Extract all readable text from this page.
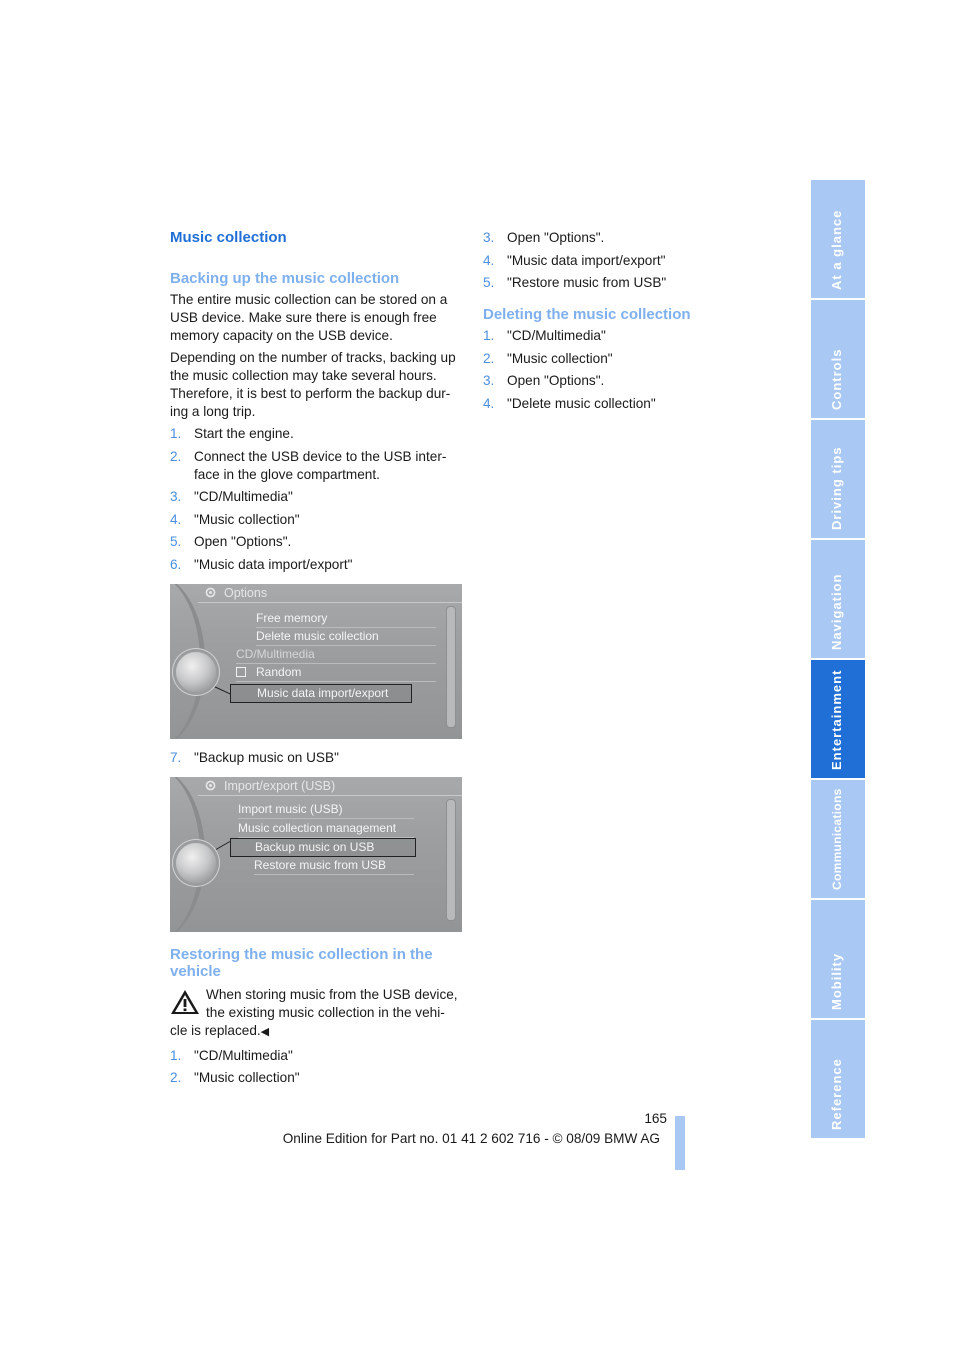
Music collection
Backing up the music collection

The entire music collection can be stored on a USB device. Make sure there is enough free memory capacity on the USB device.

Depending on the number of tracks, backing up the music collection may take several hours. Therefore, it is best to perform the backup dur-ing a long trip.

1. Start the engine.
2. Connect the USB device to the USB inter-face in the glove compartment.
3. "CD/Multimedia"
4. "Music collection"
5. Open "Options".
6. "Music data import/export"
Options
Free memory
Delete music collection
CD/Multimedia
Random
Music data import/export
7. "Backup music on USB"
Import/export (USB)
Import music (USB)
Music collection management
Backup music on USB
Restore music from USB
Restoring the music collection in the vehicle
When storing music from the USB device, the existing music collection in the vehi-cle is replaced.◀
1. "CD/Multimedia"
2. "Music collection"
3. Open "Options".
4. "Music data import/export"
5. "Restore music from USB"
Deleting the music collection
1. "CD/Multimedia"
2. "Music collection"
3. Open "Options".
4. "Delete music collection"
165
Online Edition for Part no. 01 41 2 602 716 - © 08/09 BMW AG
At a glance
Controls
Driving tips
Navigation
Entertainment
Communications
Mobility
Reference
